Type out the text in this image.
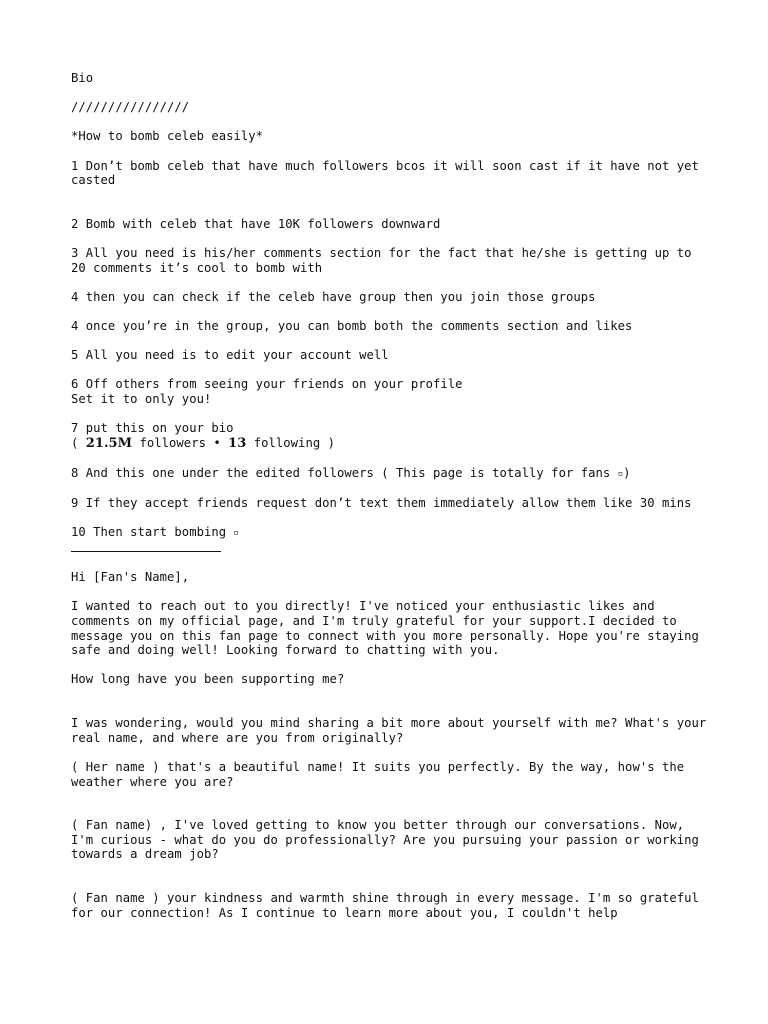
Bio

////////////////

*How to bomb celeb easily*

1 Don’t bomb celeb that have much followers bcos it will soon cast if it have not yet casted

2 Bomb with celeb that have 10K followers downward

3 All you need is his/her comments section for the fact that he/she is getting up to 20 comments it’s cool to bomb with

4 then you can check if the celeb have group then you join those groups

4 once you’re in the group, you can bomb both the comments section and likes

5 All you need is to edit your account well

6 Off others from seeing your friends on your profile
Set it to only you!

7 put this on your bio
( 21.5M followers • 13 following )

8 And this one under the edited followers ( This page is totally for fans ▫)

9 If they accept friends request don’t text them immediately allow them like 30 mins

10 Then start bombing ▫

Hi [Fan's Name],

I wanted to reach out to you directly! I've noticed your enthusiastic likes and comments on my official page, and I'm truly grateful for your support.I decided to message you on this fan page to connect with you more personally. Hope you're staying safe and doing well! Looking forward to chatting with you.

How long have you been supporting me?

I was wondering, would you mind sharing a bit more about yourself with me? What's your real name, and where are you from originally?

( Her name ) that's a beautiful name! It suits you perfectly. By the way, how's the weather where you are?

( Fan name) , I've loved getting to know you better through our conversations. Now, I'm curious - what do you do professionally? Are you pursuing your passion or working towards a dream job?

( Fan name ) your kindness and warmth shine through in every message. I'm so grateful for our connection! As I continue to learn more about you, I couldn't help
